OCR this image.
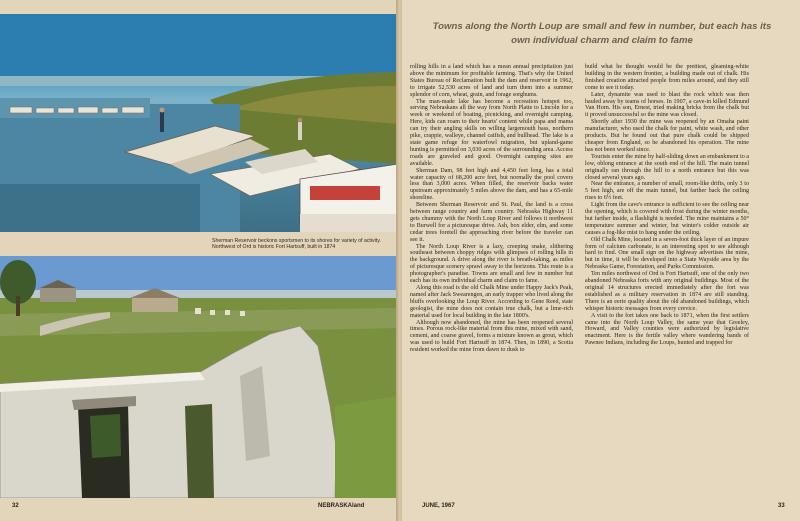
Sherman Reservoir beckons sportsmen to its shores for variety of activity. Northwest of Ord is historic Fort Hartsuff, built in 1874
32	NEBRASKAland
Towns along the North Loup are small and few in number, but each has its own individual charm and claim to fame

rolling hills in a land which has a mean annual precipitation just above the minimum for profitable farming. That's why the United States Bureau of Reclamation built the dam and reservoir in 1962, to irrigate 52,530 acres of land and turn them into a summer splendor of corn, wheat, grain, and forage sorghums.

The man-made lake has become a recreation hotspot too, serving Nebraskans all the way from North Platte to Lincoln for a week or weekend of boating, picnicking, and overnight camping. Here, kids can roam to their hearts' content while papa and mama can try their angling skills on willing largemouth bass, northern pike, crappie, walleye, channel catfish, and bullhead. The lake is a state game refuge for waterfowl migration, but upland-game hunting is permitted on 3,030 acres of the surrounding area. Access roads are graveled and good. Overnight camping sites are available.

Sherman Dam, 98 feet high and 4,450 feet long, has a total water capacity of 68,200 acre feet, but normally the pool covers less than 3,000 acres. When filled, the reservoir backs water upstream approximately 5 miles above the dam, and has a 65-mile shoreline.

Between Sherman Reservoir and St. Paul, the land is a cross between range country and farm country. Nebraska Highway 11 gets chummy with the North Loup River and follows it northwest to Burwell for a picturesque drive. Ash, box elder, elm, and some cedar trees foretell the approaching river before the traveler can see it.

The North Loup River is a lazy, creeping snake, slithering southeast between choppy ridges with glimpses of rolling hills in the background. A drive along the river is breath-taking, as miles of picturesque scenery sprawl away to the horizons. This route is a photographer's paradise. Towns are small and few in number but each has its own individual charm and claim to fame.

Along this road is the old Chalk Mine under Happy Jack's Peak, named after Jack Swearengen, an early trapper who lived along the bluffs overlooking the Loup River. According to Gene Reed, state geologist, the mine does not contain true chalk, but a lime-rich material used for local building in the late 1800's.

Although now abandoned, the mine has been reopened several times. Porous rock-like material from this mine, mixed with sand, cement, and coarse gravel, forms a mixture known as grout, which was used to build Fort Hartsuff in 1874. Then, in 1890, a Scotia resident worked the mine from dawn to dusk to

build what he thought would be the prettiest, gleaming-white building in the western frontier, a building made out of chalk. His finished creation attracted people from miles around, and they still come to see it today.

Later, dynamite was used to blast the rock which was then hauled away by teams of horses. In 1907, a cave-in killed Edmund Van Horn. His son, Ernest, tried making bricks from the chalk but it proved unsuccessful so the mine was closed.

Shortly after 1930 the mine was reopened by an Omaha paint manufacturer, who used the chalk for paint, white wash, and other products. But he found out that pure chalk could be shipped cheaper from England, so he abandoned his operation. The mine has not been worked since.

Tourists enter the mine by half-sliding down an embankment to a low, oblong entrance at the south end of the hill. The main tunnel originally ran through the hill to a north entrance but this was closed several years ago.

Near the entrance, a number of small, room-like drifts, only 3 to 5 feet high, are off the main tunnel, but farther back the ceiling rises to 6½ feet.

Light from the cave's entrance is sufficient to see the ceiling near the opening, which is covered with frost during the winter months, but farther inside, a flashlight is needed. The mine maintains a 50° temperature summer and winter, but winter's colder outside air causes a fog-like mist to hang under the ceiling.

Old Chalk Mine, located in a seven-foot thick layer of an impure form of calcium carbonate, is an interesting spot to see although hard to find. One small sign on the highway advertises the mine, but in time, it will be developed into a State Wayside area by the Nebraska Game, Forestation, and Parks Commission.

Ten miles northwest of Ord is Fort Hartsuff, one of the only two abandoned Nebraska forts with any original buildings. Most of the original 14 structures erected immediately after the fort was established as a military reservation in 1874 are still standing. There is an eerie quality about the old abandoned buildings, which whisper historic messages from every crevice.

A visit to the fort takes one back to 1871, when the first settlers came into the North Loup Valley, the same year that Greeley, Howard, and Valley counties were authorized by legislative enactment. Here is the fertile valley where wandering bands of Pawnee Indians, including the Loups, hunted and trapped for

JUNE, 1967	33
